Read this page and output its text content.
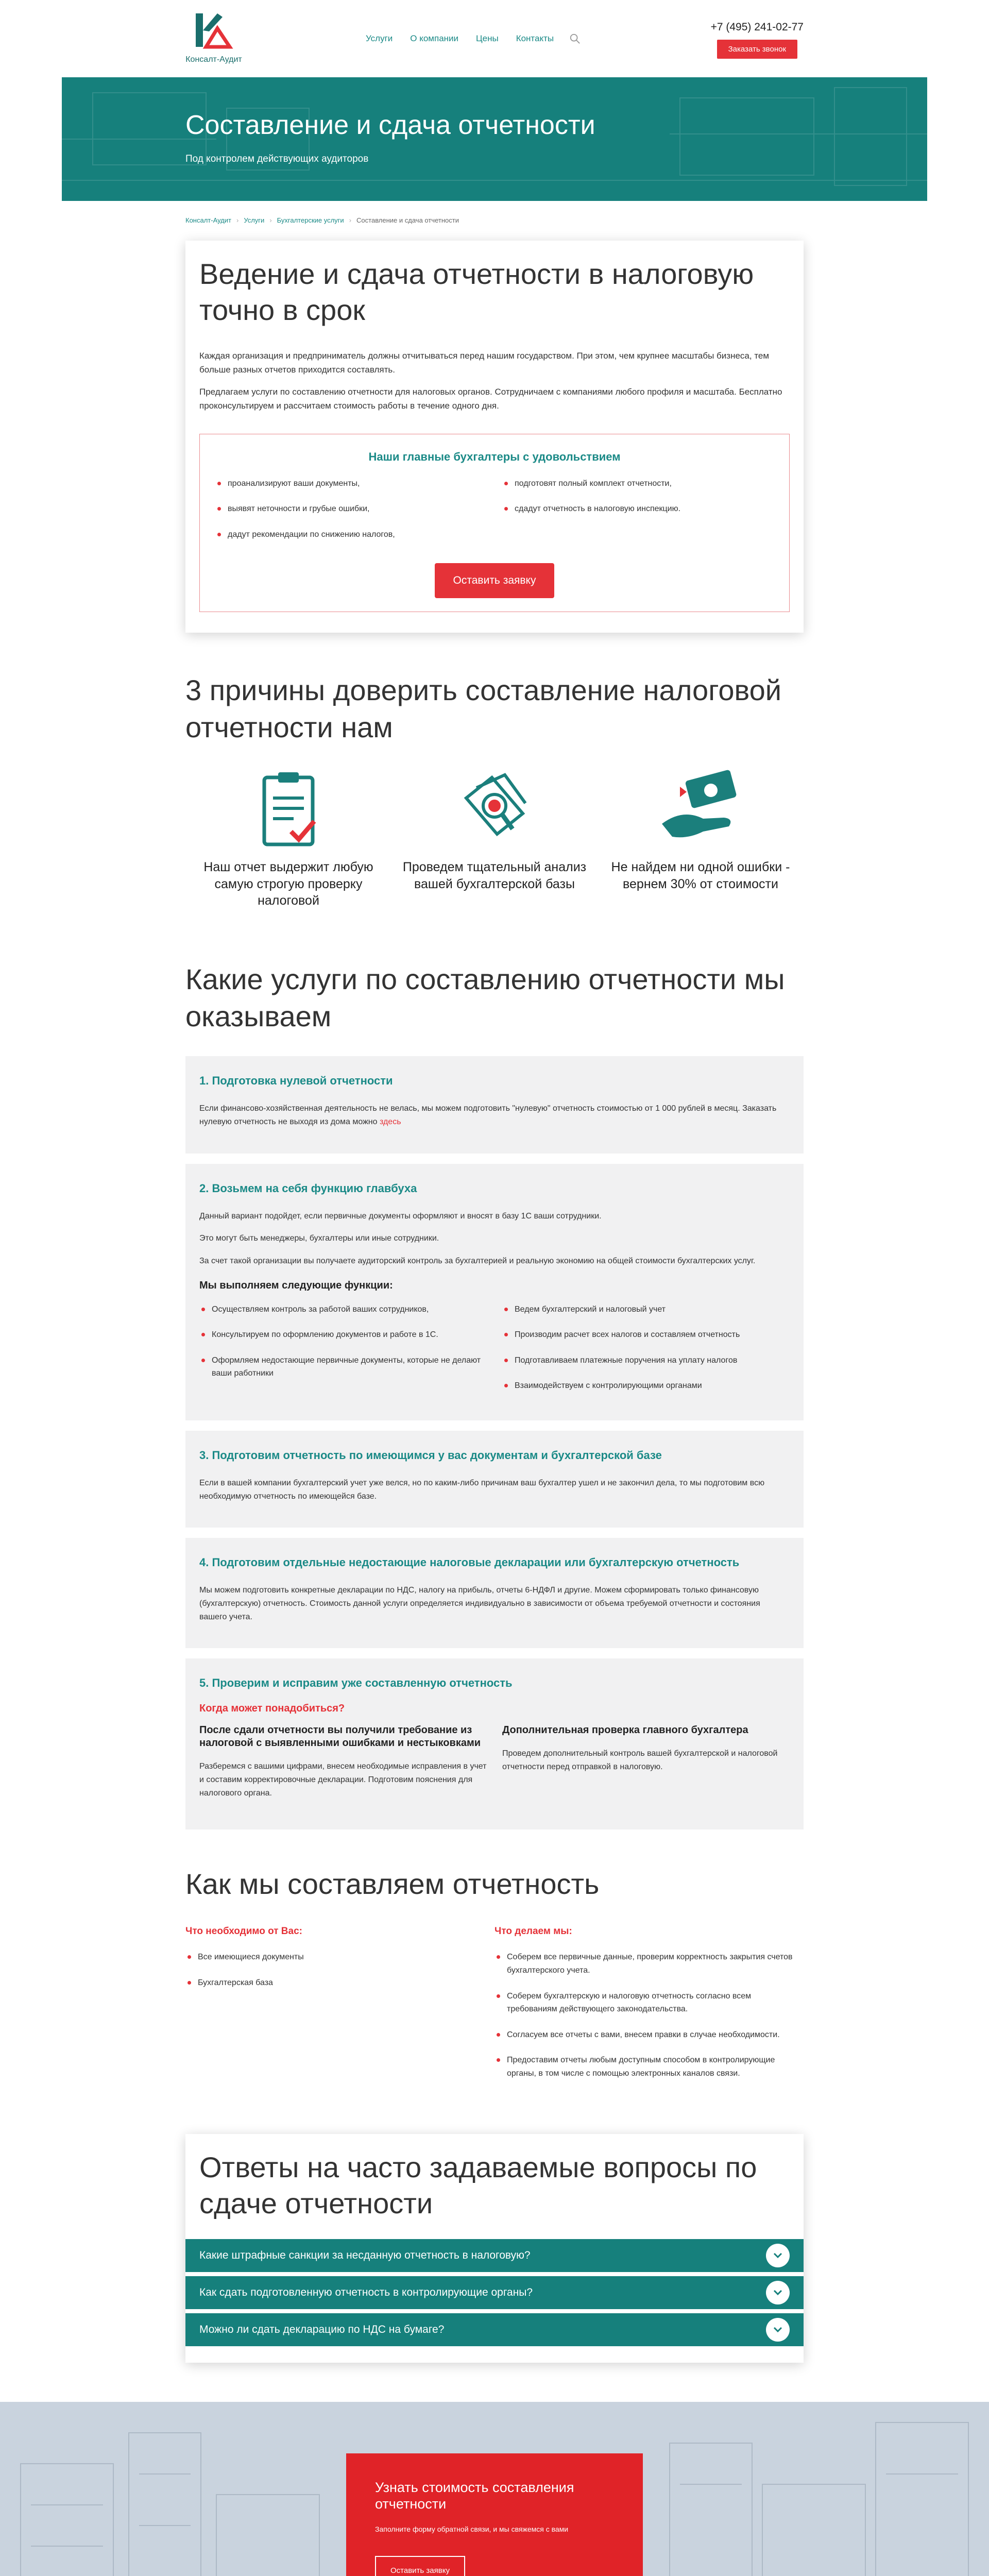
Консалт-Аудит
Услуги О компании Цены Контакты
+7 (495) 241-02-77
Заказать звонок
Составление и сдача отчетности

Под контролем действующих аудиторов

Консалт-Аудит › Услуги › Бухгалтерские услуги › Составление и сдача отчетности
Ведение и сдача отчетности в налоговую точно в срок

Каждая организация и предприниматель должны отчитываться перед нашим государством. При этом, чем крупнее масштабы бизнеса, тем больше разных отчетов приходится составлять.

Предлагаем услуги по составлению отчетности для налоговых органов. Сотрудничаем с компаниями любого профиля и масштаба. Бесплатно проконсультируем и рассчитаем стоимость работы в течение одного дня.

Наши главные бухгалтеры с удовольствием
проанализируют ваши документы,
выявят неточности и грубые ошибки,
дадут рекомендации по снижению налогов,
подготовят полный комплект отчетности,
сдадут отчетность в налоговую инспекцию.
Оставить заявку
3 причины доверить составление налоговой отчетности нам

Наш отчет выдержит любую самую строгую проверку налоговой

Проведем тщательный анализ вашей бухгалтерской базы

Не найдем ни одной ошибки - вернем 30% от стоимости

Какие услуги по составлению отчетности мы оказываем
1. Подготовка нулевой отчетности

Если финансово-хозяйственная деятельность не велась, мы можем подготовить "нулевую" отчетность стоимостью от 1 000 рублей в месяц. Заказать нулевую отчетность не выходя из дома можно здесь

2. Возьмем на себя функцию главбуха

Данный вариант подойдет, если первичные документы оформляют и вносят в базу 1С ваши сотрудники.

Это могут быть менеджеры, бухгалтеры или иные сотрудники.

За счет такой организации вы получаете аудиторский контроль за бухгалтерией и реальную экономию на общей стоимости бухгалтерских услуг.

Мы выполняем следующие функции:
Осуществляем контроль за работой ваших сотрудников,
Консультируем по оформлению документов и работе в 1С.
Оформляем недостающие первичные документы, которые не делают ваши работники
Ведем бухгалтерский и налоговый учет
Производим расчет всех налогов и составляем отчетность
Подготавливаем платежные поручения на уплату налогов
Взаимодействуем с контролирующими органами
3. Подготовим отчетность по имеющимся у вас документам и бухгалтерской базе

Если в вашей компании бухгалтерский учет уже велся, но по каким-либо причинам ваш бухгалтер ушел и не закончил дела, то мы подготовим всю необходимую отчетность по имеющейся базе.

4. Подготовим отдельные недостающие налоговые декларации или бухгалтерскую отчетность

Мы можем подготовить конкретные декларации по НДС, налогу на прибыль, отчеты 6-НДФЛ и другие. Можем сформировать только финансовую (бухгалтерскую) отчетность. Стоимость данной услуги определяется индивидуально в зависимости от объема требуемой отчетности и состояния вашего учета.

5. Проверим и исправим уже составленную отчетность
Когда может понадобиться?
После сдали отчетности вы получили требование из налоговой с выявленными ошибками и нестыковками

Разберемся с вашими цифрами, внесем необходимые исправления в учет и составим корректировочные декларации. Подготовим пояснения для налогового органа.

Дополнительная проверка главного бухгалтера

Проведем дополнительный контроль вашей бухгалтерской и налоговой отчетности перед отправкой в налоговую.

Как мы составляем отчетность
Что необходимо от Вас:
Все имеющиеся документы
Бухгалтерская база
Что делаем мы:
Соберем все первичные данные, проверим корректность закрытия счетов бухгалтерского учета.
Соберем бухгалтерскую и налоговую отчетность согласно всем требованиям действующего законодательства.
Согласуем все отчеты с вами, внесем правки в случае необходимости.
Предоставим отчеты любым доступным способом в контролирующие органы, в том числе с помощью электронных каналов связи.
Ответы на часто задаваемые вопросы по сдаче отчетности
Какие штрафные санкции за несданную отчетность в налоговую?
Как сдать подготовленную отчетность в контролирующие органы?
Можно ли сдать декларацию по НДС на бумаге?
Узнать стоимость составления отчетности

Заполните форму обратной связи, и мы свяжемся с вами

Оставить заявку
